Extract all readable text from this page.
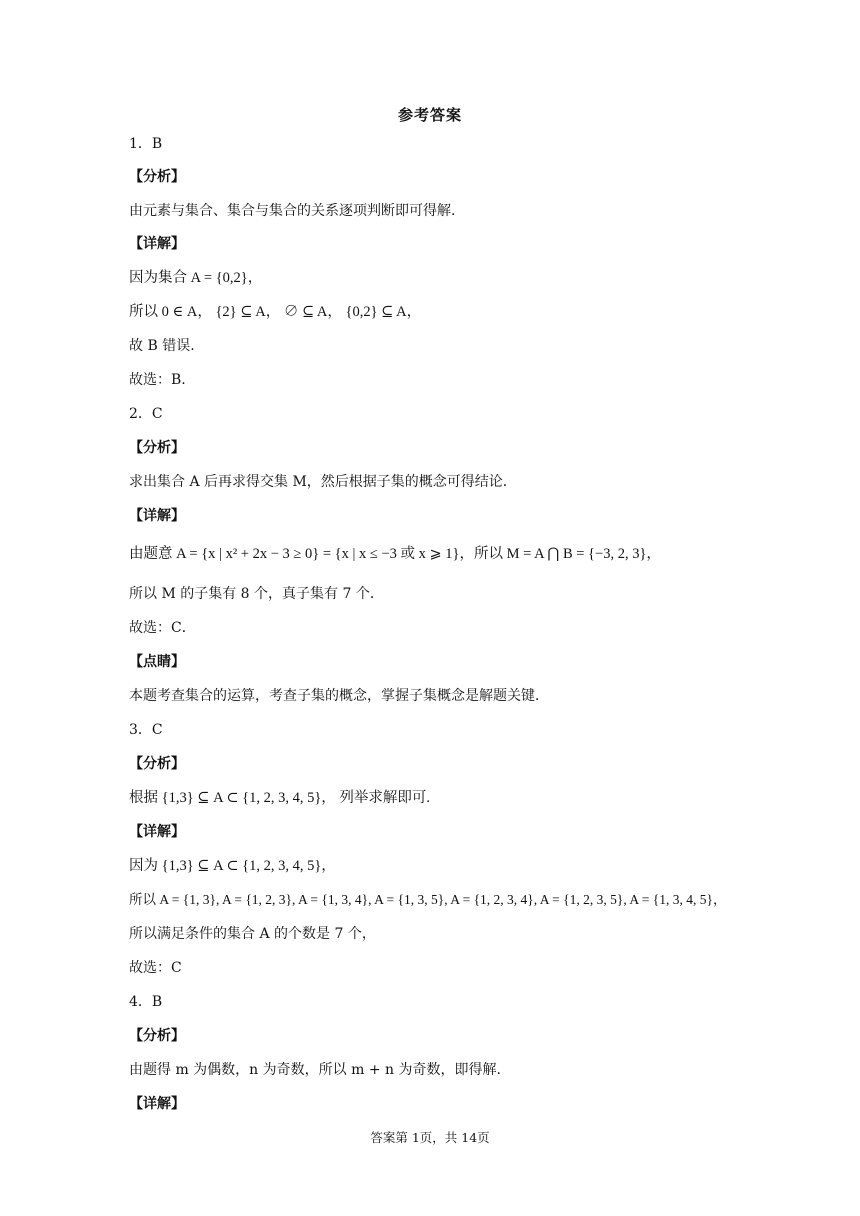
参考答案
1．B
【分析】
由元素与集合、集合与集合的关系逐项判断即可得解.
【详解】
因为集合 A = {0,2}，
所以 0 ∈ A， {2} ⊆ A， ∅ ⊆ A， {0,2} ⊆ A，
故 B 错误.
故选：B.
2．C
【分析】
求出集合 A 后再求得交集 M，然后根据子集的概念可得结论．
【详解】
由题意 A = {x | x² + 2x − 3 ≥ 0} = {x | x ≤ −3 或 x ⩾ 1}，所以 M = A ⋂ B = {−3, 2, 3}，
所以 M 的子集有 8 个，真子集有 7 个．
故选：C．
【点睛】
本题考查集合的运算，考查子集的概念，掌握子集概念是解题关键．
3．C
【分析】
根据 {1,3} ⊆ A ⊂ {1, 2, 3, 4, 5}， 列举求解即可.
【详解】
因为 {1,3} ⊆ A ⊂ {1, 2, 3, 4, 5}，
所以 A = {1, 3}, A = {1, 2, 3}, A = {1, 3, 4}, A = {1, 3, 5}, A = {1, 2, 3, 4}, A = {1, 2, 3, 5}, A = {1, 3, 4, 5}，
所以满足条件的集合 A 的个数是 7 个，
故选：C
4．B
【分析】
由题得 m 为偶数，n 为奇数，所以 m + n 为奇数，即得解.
【详解】
答案第 1页，共 14页
